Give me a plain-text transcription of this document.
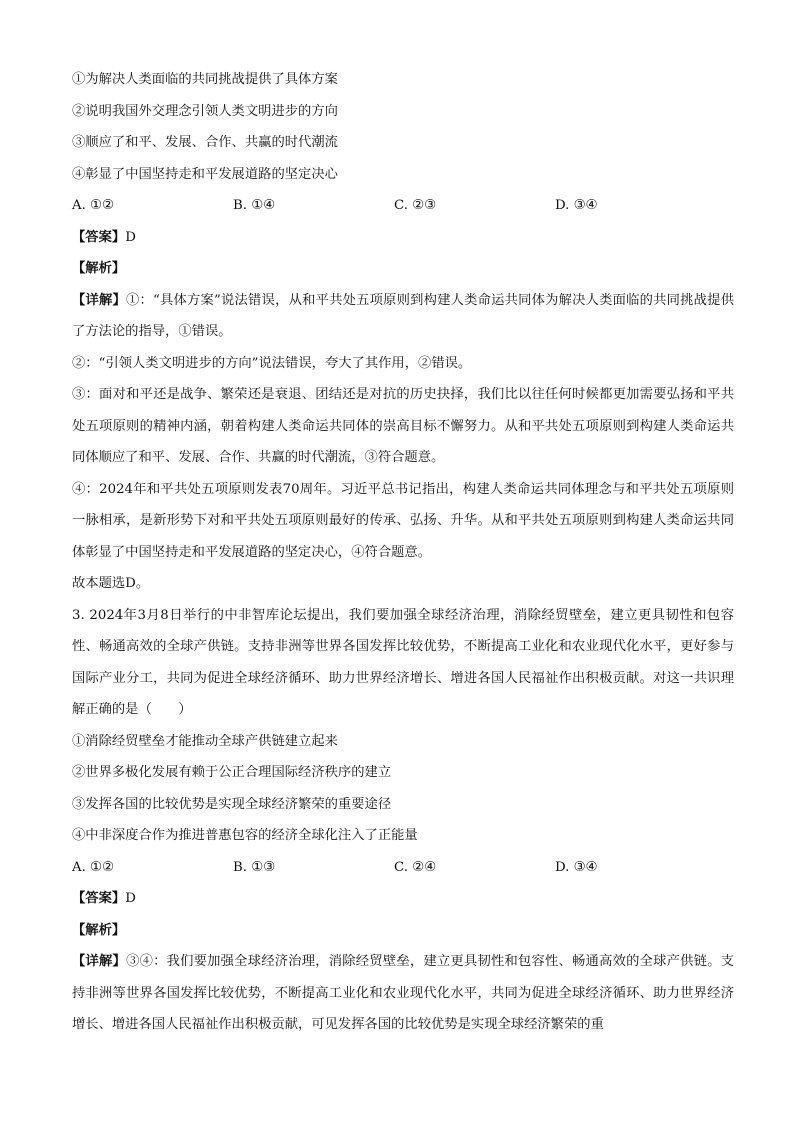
①为解决人类面临的共同挑战提供了具体方案
②说明我国外交理念引领人类文明进步的方向
③顺应了和平、发展、合作、共赢的时代潮流
④彰显了中国坚持走和平发展道路的坚定决心
A. ①②	B. ①④	C. ②③	D. ③④
【答案】D
【解析】
【详解】①：“具体方案”说法错误，从和平共处五项原则到构建人类命运共同体为解决人类面临的共同挑战提供了方法论的指导，①错误。
②：“引领人类文明进步的方向”说法错误，夸大了其作用，②错误。
③：面对和平还是战争、繁荣还是衰退、团结还是对抗的历史抉择，我们比以往任何时候都更加需要弘扬和平共处五项原则的精神内涵，朝着构建人类命运共同体的崇高目标不懈努力。从和平共处五项原则到构建人类命运共同体顺应了和平、发展、合作、共赢的时代潮流，③符合题意。
④：2024年和平共处五项原则发表70周年。习近平总书记指出，构建人类命运共同体理念与和平共处五项原则一脉相承，是新形势下对和平共处五项原则最好的传承、弘扬、升华。从和平共处五项原则到构建人类命运共同体彰显了中国坚持走和平发展道路的坚定决心，④符合题意。
故本题选D。
3. 2024年3月8日举行的中非智库论坛提出，我们要加强全球经济治理，消除经贸壁垒，建立更具韧性和包容性、畅通高效的全球产供链。支持非洲等世界各国发挥比较优势，不断提高工业化和农业现代化水平，更好参与国际产业分工，共同为促进全球经济循环、助力世界经济增长、增进各国人民福祉作出积极贡献。对这一共识理解正确的是（　　）
①消除经贸壁垒才能推动全球产供链建立起来
②世界多极化发展有赖于公正合理国际经济秩序的建立
③发挥各国的比较优势是实现全球经济繁荣的重要途径
④中非深度合作为推进普惠包容的经济全球化注入了正能量
A. ①②	B. ①③	C. ②④	D. ③④
【答案】D
【解析】
【详解】③④：我们要加强全球经济治理，消除经贸壁垒，建立更具韧性和包容性、畅通高效的全球产供链。支持非洲等世界各国发挥比较优势，不断提高工业化和农业现代化水平，共同为促进全球经济循环、助力世界经济增长、增进各国人民福祉作出积极贡献，可见发挥各国的比较优势是实现全球经济繁荣的重
